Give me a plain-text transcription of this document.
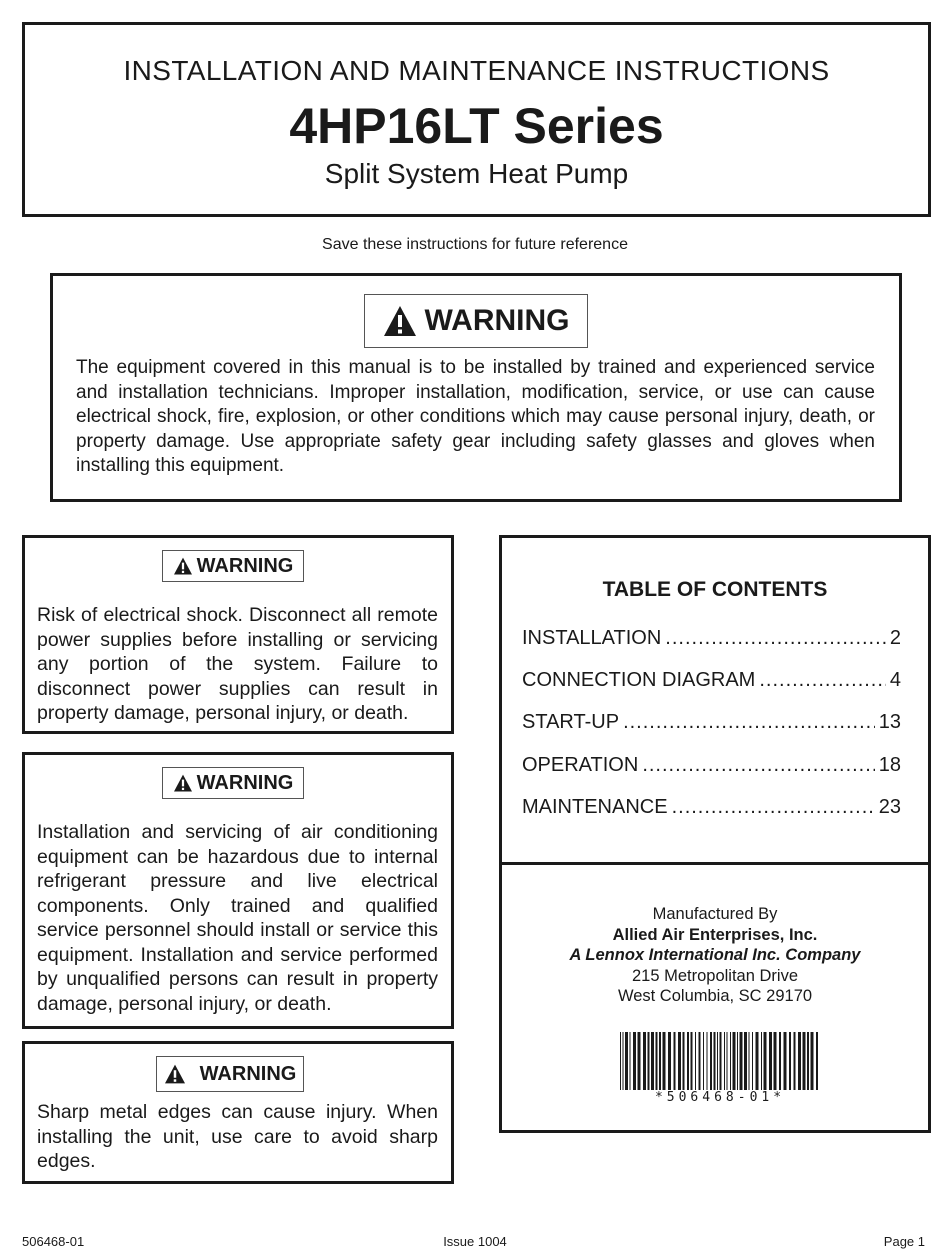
INSTALLATION AND MAINTENANCE INSTRUCTIONS
4HP16LT Series
Split System Heat Pump
Save these instructions for future reference
WARNING
The equipment covered in this manual is to be installed by trained and experienced service and installation technicians. Improper installation, modification, service, or use can cause electrical shock, fire, explosion, or other conditions which may cause personal injury, death, or property damage. Use appropriate safety gear including safety glasses and gloves when installing this equipment.
WARNING
Risk of electrical shock. Disconnect all remote power supplies before installing or servicing any portion of the system. Failure to disconnect power supplies can result in property damage, personal injury, or death.
WARNING
Installation and servicing of air conditioning equipment can be hazardous due to internal refrigerant pressure and live electrical components. Only trained and qualified service personnel should install or service this equipment. Installation and service performed by unqualified persons can result in property damage, personal injury, or death.
WARNING
Sharp metal edges can cause injury. When installing the unit, use care to avoid sharp edges.
TABLE OF CONTENTS
INSTALLATION .....	2
CONNECTION DIAGRAM .....	4
START-UP .....	13
OPERATION .....	18
MAINTENANCE .....	23
Manufactured By
Allied Air Enterprises, Inc.
A Lennox International Inc. Company
215 Metropolitan Drive
West Columbia, SC 29170
*506468-01*
506468-01	Issue 1004	Page 1
